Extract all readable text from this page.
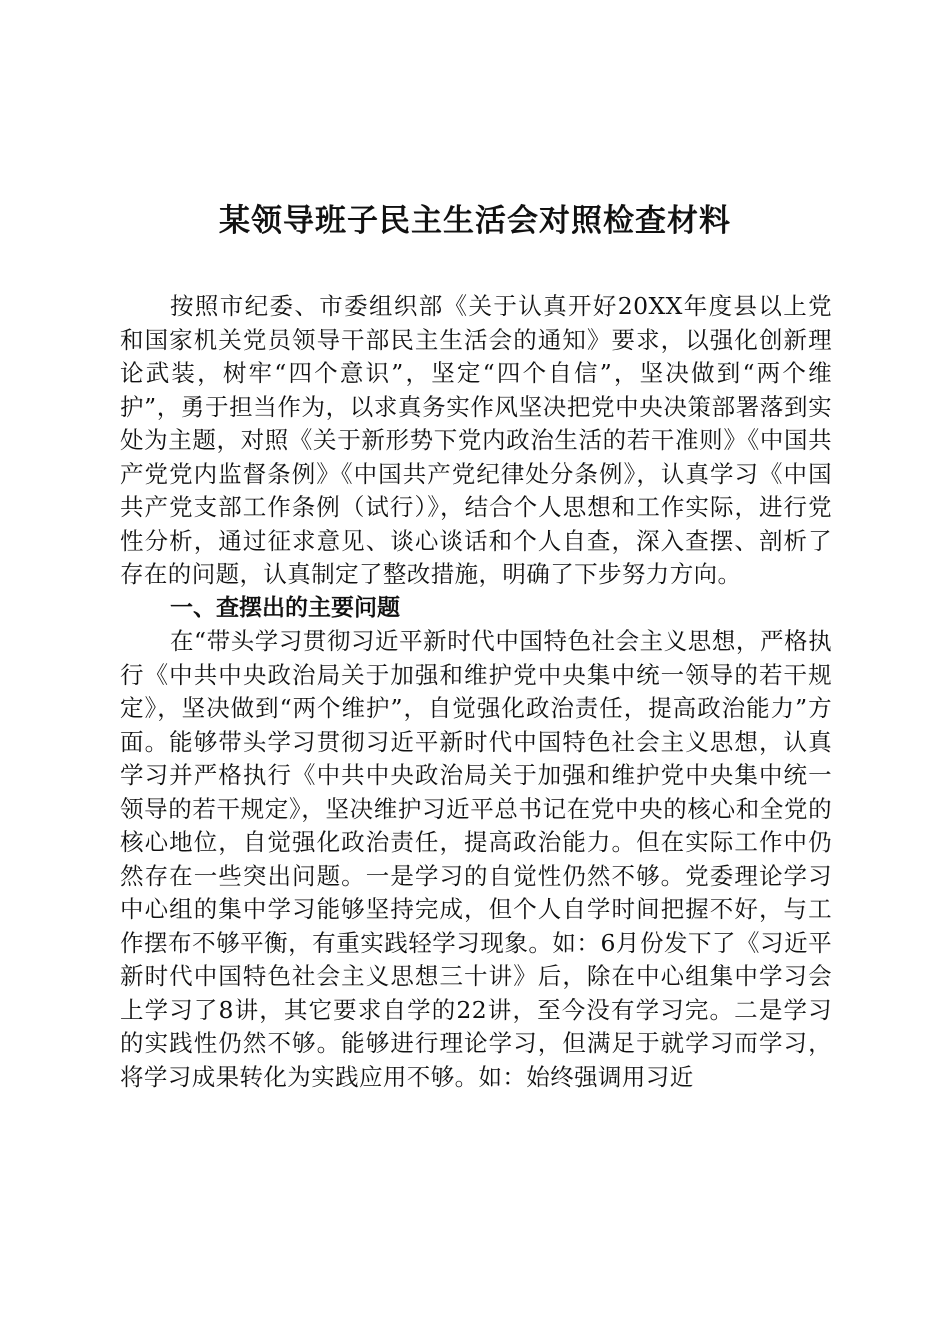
某领导班子民主生活会对照检查材料

按照市纪委、市委组织部《关于认真开好20XX年度县以上党和国家机关党员领导干部民主生活会的通知》要求，以强化创新理论武装，树牢“四个意识”，坚定“四个自信”，坚决做到“两个维护”，勇于担当作为，以求真务实作风坚决把党中央决策部署落到实处为主题，对照《关于新形势下党内政治生活的若干准则》《中国共产党党内监督条例》《中国共产党纪律处分条例》，认真学习《中国共产党支部工作条例（试行）》，结合个人思想和工作实际，进行党性分析，通过征求意见、谈心谈话和个人自查，深入查摆、剖析了存在的问题，认真制定了整改措施，明确了下步努力方向。

一、查摆出的主要问题

在“带头学习贯彻习近平新时代中国特色社会主义思想，严格执行《中共中央政治局关于加强和维护党中央集中统一领导的若干规定》，坚决做到“两个维护”，自觉强化政治责任，提高政治能力”方面。能够带头学习贯彻习近平新时代中国特色社会主义思想，认真学习并严格执行《中共中央政治局关于加强和维护党中央集中统一领导的若干规定》，坚决维护习近平总书记在党中央的核心和全党的核心地位，自觉强化政治责任，提高政治能力。但在实际工作中仍然存在一些突出问题。一是学习的自觉性仍然不够。党委理论学习中心组的集中学习能够坚持完成，但个人自学时间把握不好，与工作摆布不够平衡，有重实践轻学习现象。如：6月份发下了《习近平新时代中国特色社会主义思想三十讲》后，除在中心组集中学习会上学习了8讲，其它要求自学的22讲，至今没有学习完。二是学习的实践性仍然不够。能够进行理论学习，但满足于就学习而学习，将学习成果转化为实践应用不够。如：始终强调用习近
